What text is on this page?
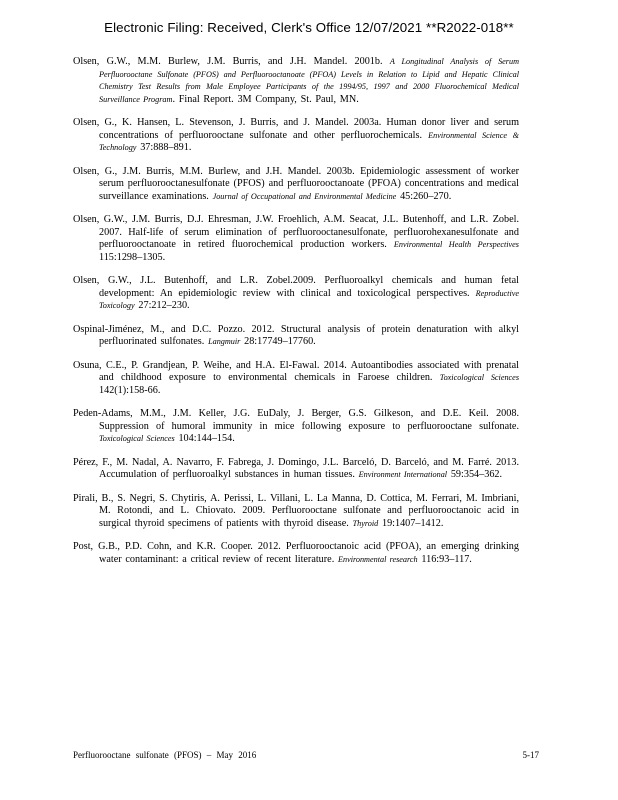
Electronic Filing: Received, Clerk's Office 12/07/2021 **R2022-018**

Olsen, G.W., M.M. Burlew, J.M. Burris, and J.H. Mandel. 2001b. A Longitudinal Analysis of Serum Perfluorooctane Sulfonate (PFOS) and Perfluorooctanoate (PFOA) Levels in Relation to Lipid and Hepatic Clinical Chemistry Test Results from Male Employee Participants of the 1994/95, 1997 and 2000 Fluorochemical Medical Surveillance Program. Final Report. 3M Company, St. Paul, MN.

Olsen, G., K. Hansen, L. Stevenson, J. Burris, and J. Mandel. 2003a. Human donor liver and serum concentrations of perfluorooctane sulfonate and other perfluorochemicals. Environmental Science & Technology 37:888–891.

Olsen, G., J.M. Burris, M.M. Burlew, and J.H. Mandel. 2003b. Epidemiologic assessment of worker serum perfluorooctanesulfonate (PFOS) and perfluorooctanoate (PFOA) concentrations and medical surveillance examinations. Journal of Occupational and Environmental Medicine 45:260–270.

Olsen, G.W., J.M. Burris, D.J. Ehresman, J.W. Froehlich, A.M. Seacat, J.L. Butenhoff, and L.R. Zobel. 2007. Half-life of serum elimination of perfluorooctanesulfonate, perfluorohexanesulfonate and perfluorooctanoate in retired fluorochemical production workers. Environmental Health Perspectives 115:1298–1305.

Olsen, G.W., J.L. Butenhoff, and L.R. Zobel.2009. Perfluoroalkyl chemicals and human fetal development: An epidemiologic review with clinical and toxicological perspectives. Reproductive Toxicology 27:212–230.

Ospinal-Jiménez, M., and D.C. Pozzo. 2012. Structural analysis of protein denaturation with alkyl perfluorinated sulfonates. Langmuir 28:17749–17760.

Osuna, C.E., P. Grandjean, P. Weihe, and H.A. El-Fawal. 2014. Autoantibodies associated with prenatal and childhood exposure to environmental chemicals in Faroese children. Toxicological Sciences 142(1):158-66.

Peden-Adams, M.M., J.M. Keller, J.G. EuDaly, J. Berger, G.S. Gilkeson, and D.E. Keil. 2008. Suppression of humoral immunity in mice following exposure to perfluorooctane sulfonate. Toxicological Sciences 104:144–154.

Pérez, F., M. Nadal, A. Navarro, F. Fabrega, J. Domingo, J.L. Barceló, D. Barceló, and M. Farré. 2013. Accumulation of perfluoroalkyl substances in human tissues. Environment International 59:354–362.

Pirali, B., S. Negri, S. Chytiris, A. Perissi, L. Villani, L. La Manna, D. Cottica, M. Ferrari, M. Imbriani, M. Rotondi, and L. Chiovato. 2009. Perfluorooctane sulfonate and perfluorooctanoic acid in surgical thyroid specimens of patients with thyroid disease. Thyroid 19:1407–1412.

Post, G.B., P.D. Cohn, and K.R. Cooper. 2012. Perfluorooctanoic acid (PFOA), an emerging drinking water contaminant: a critical review of recent literature. Environmental research 116:93–117.

Perfluorooctane sulfonate (PFOS) – May 2016	5-17
